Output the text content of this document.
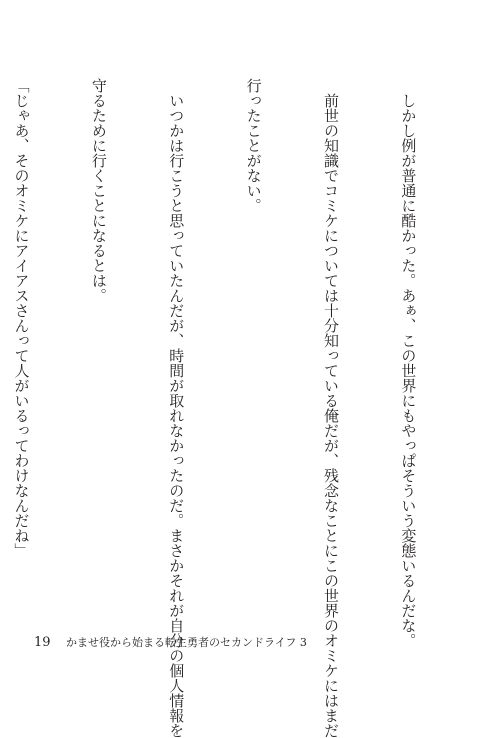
　しかし例が普通に酷かった。あぁ、この世界にもやっぱそういう変態いるんだな。

　前世の知識でコミケについては十分知っている俺だが、残念なことにこの世界のオミケにはまだ

行ったことがない。

　いつかは行こうと思っていたんだが、時間が取れなかったのだ。まさかそれが自分の個人情報を

守るために行くことになるとは。

「じゃあ、そのオミケにアイアスさんって人がいるってわけなんだね」

19 かませ役から始まる転生勇者のセカンドライフ 3
